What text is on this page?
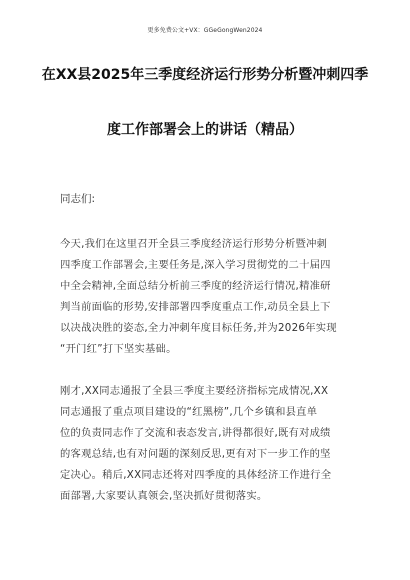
更多免费公文+VX：GGeGongWen2024
在XX县2025年三季度经济运行形势分析暨冲刺四季
度工作部署会上的讲话（精品）
同志们:
今天,我们在这里召开全县三季度经济运行形势分析暨冲刺
四季度工作部署会,主要任务是,深入学习贯彻党的二十届四
中全会精神,全面总结分析前三季度的经济运行情况,精准研
判当前面临的形势,安排部署四季度重点工作,动员全县上下
以决战决胜的姿态,全力冲刺年度目标任务,并为2026年实现
“开门红”打下坚实基础。
刚才,XX同志通报了全县三季度主要经济指标完成情况,XX
同志通报了重点项目建设的“红黑榜”,几个乡镇和县直单
位的负责同志作了交流和表态发言,讲得都很好,既有对成绩
的客观总结,也有对问题的深刻反思,更有对下一步工作的坚
定决心。稍后,XX同志还将对四季度的具体经济工作进行全
面部署,大家要认真领会,坚决抓好贯彻落实。
